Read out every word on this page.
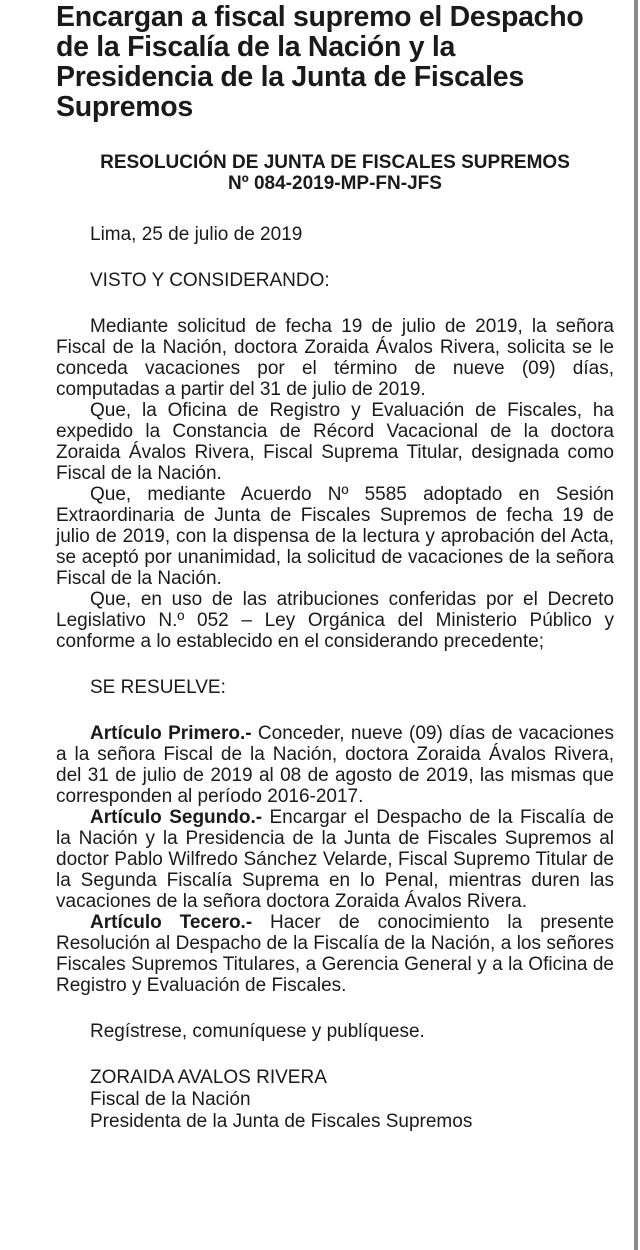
Encargan a fiscal supremo el Despacho de la Fiscalía de la Nación y la Presidencia de la Junta de Fiscales Supremos
RESOLUCIÓN DE JUNTA DE FISCALES SUPREMOS
Nº 084-2019-MP-FN-JFS

Lima, 25 de julio de 2019

VISTO Y CONSIDERANDO:

Mediante solicitud de fecha 19 de julio de 2019, la señora Fiscal de la Nación, doctora Zoraida Ávalos Rivera, solicita se le conceda vacaciones por el término de nueve (09) días, computadas a partir del 31 de julio de 2019.

Que, la Oficina de Registro y Evaluación de Fiscales, ha expedido la Constancia de Récord Vacacional de la doctora Zoraida Ávalos Rivera, Fiscal Suprema Titular, designada como Fiscal de la Nación.

Que, mediante Acuerdo Nº 5585 adoptado en Sesión Extraordinaria de Junta de Fiscales Supremos de fecha 19 de julio de 2019, con la dispensa de la lectura y aprobación del Acta, se aceptó por unanimidad, la solicitud de vacaciones de la señora Fiscal de la Nación.

Que, en uso de las atribuciones conferidas por el Decreto Legislativo N.º 052 – Ley Orgánica del Ministerio Público y conforme a lo establecido en el considerando precedente;

SE RESUELVE:

Artículo Primero.- Conceder, nueve (09) días de vacaciones a la señora Fiscal de la Nación, doctora Zoraida Ávalos Rivera, del 31 de julio de 2019 al 08 de agosto de 2019, las mismas que corresponden al período 2016-2017.

Artículo Segundo.- Encargar el Despacho de la Fiscalía de la Nación y la Presidencia de la Junta de Fiscales Supremos al doctor Pablo Wilfredo Sánchez Velarde, Fiscal Supremo Titular de la Segunda Fiscalía Suprema en lo Penal, mientras duren las vacaciones de la señora doctora Zoraida Ávalos Rivera.

Artículo Tecero.- Hacer de conocimiento la presente Resolución al Despacho de la Fiscalía de la Nación, a los señores Fiscales Supremos Titulares, a Gerencia General y a la Oficina de Registro y Evaluación de Fiscales.

Regístrese, comuníquese y publíquese.

ZORAIDA AVALOS RIVERA
Fiscal de la Nación
Presidenta de la Junta de Fiscales Supremos
